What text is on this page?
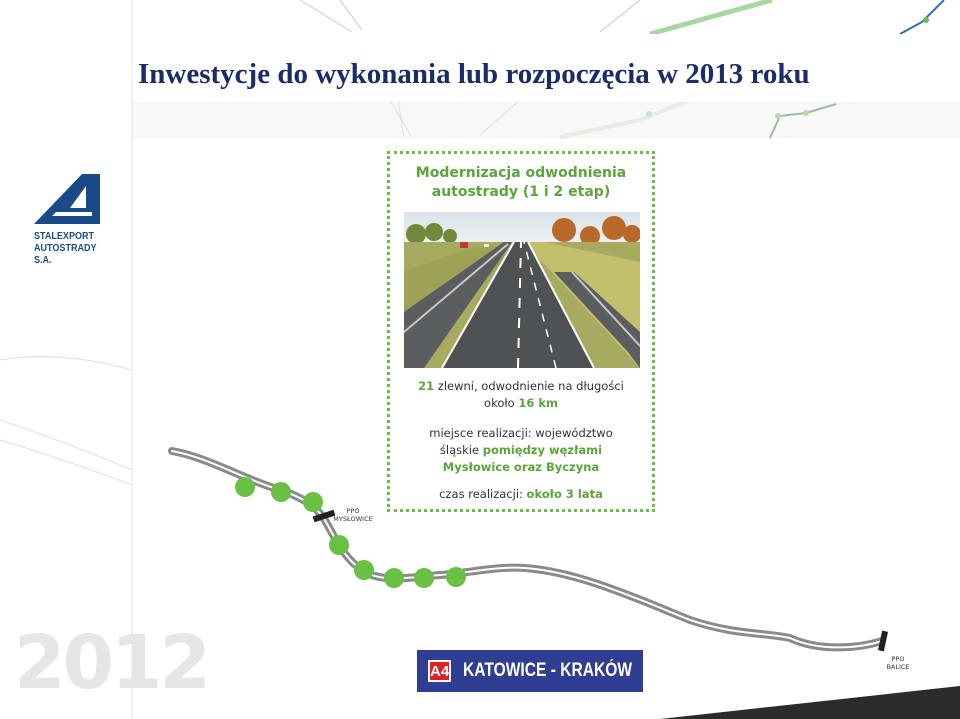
Inwestycje do wykonania lub rozpoczęcia w 2013 roku
STALEXPORT
AUTOSTRADY S.A.
Modernizacja odwodnienia
autostrady (1 i 2 etap)
21 zlewni, odwodnienie na długości
około 16 km
miejsce realizacji: województwo
śląskie pomiędzy węzłami
Mysłowice oraz Byczyna
czas realizacji: około 3 lata
PPO
MYSŁOWICE
PPO
BALICE
2012	A4 KATOWICE - KRAKÓW
